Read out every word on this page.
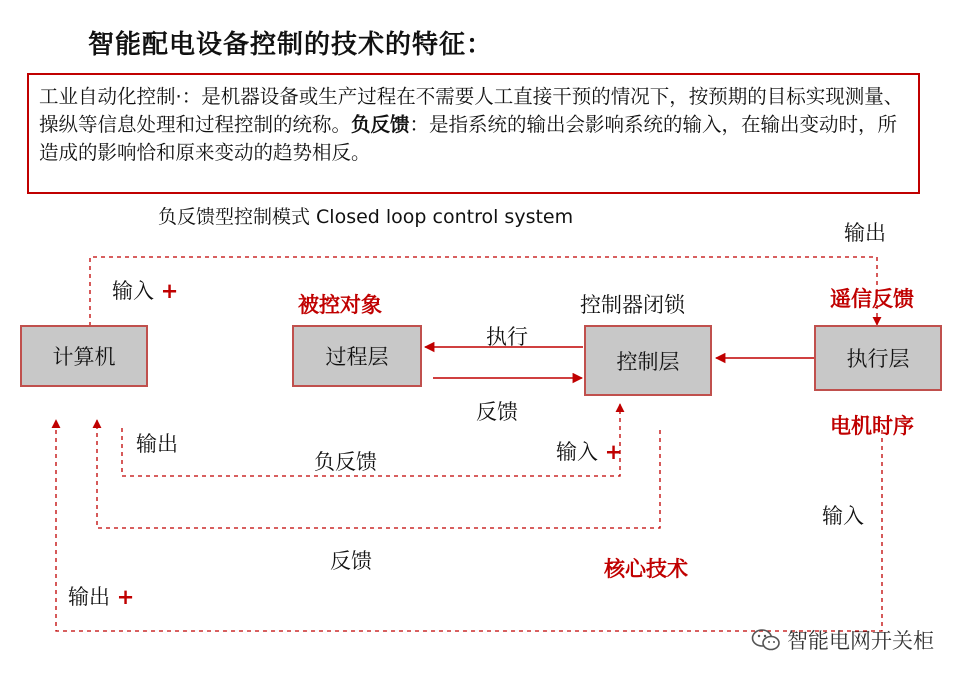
智能配电设备控制的技术的特征：
工业自动化控制·：是机器设备或生产过程在不需要人工直接干预的情况下，按预期的目标实现测量、操纵等信息处理和过程控制的统称。负反馈：是指系统的输出会影响系统的输入，在输出变动时，所造成的影响恰和原来变动的趋势相反。
负反馈型控制模式 Closed loop control system
计算机	过程层	控制层	执行层
输出
输入 +
被控对象	控制器闭锁	遥信反馈
执行
反馈
输出
负反馈	输入 +
电机时序
输入
反馈	核心技术
输出 +
智能电网开关柜
